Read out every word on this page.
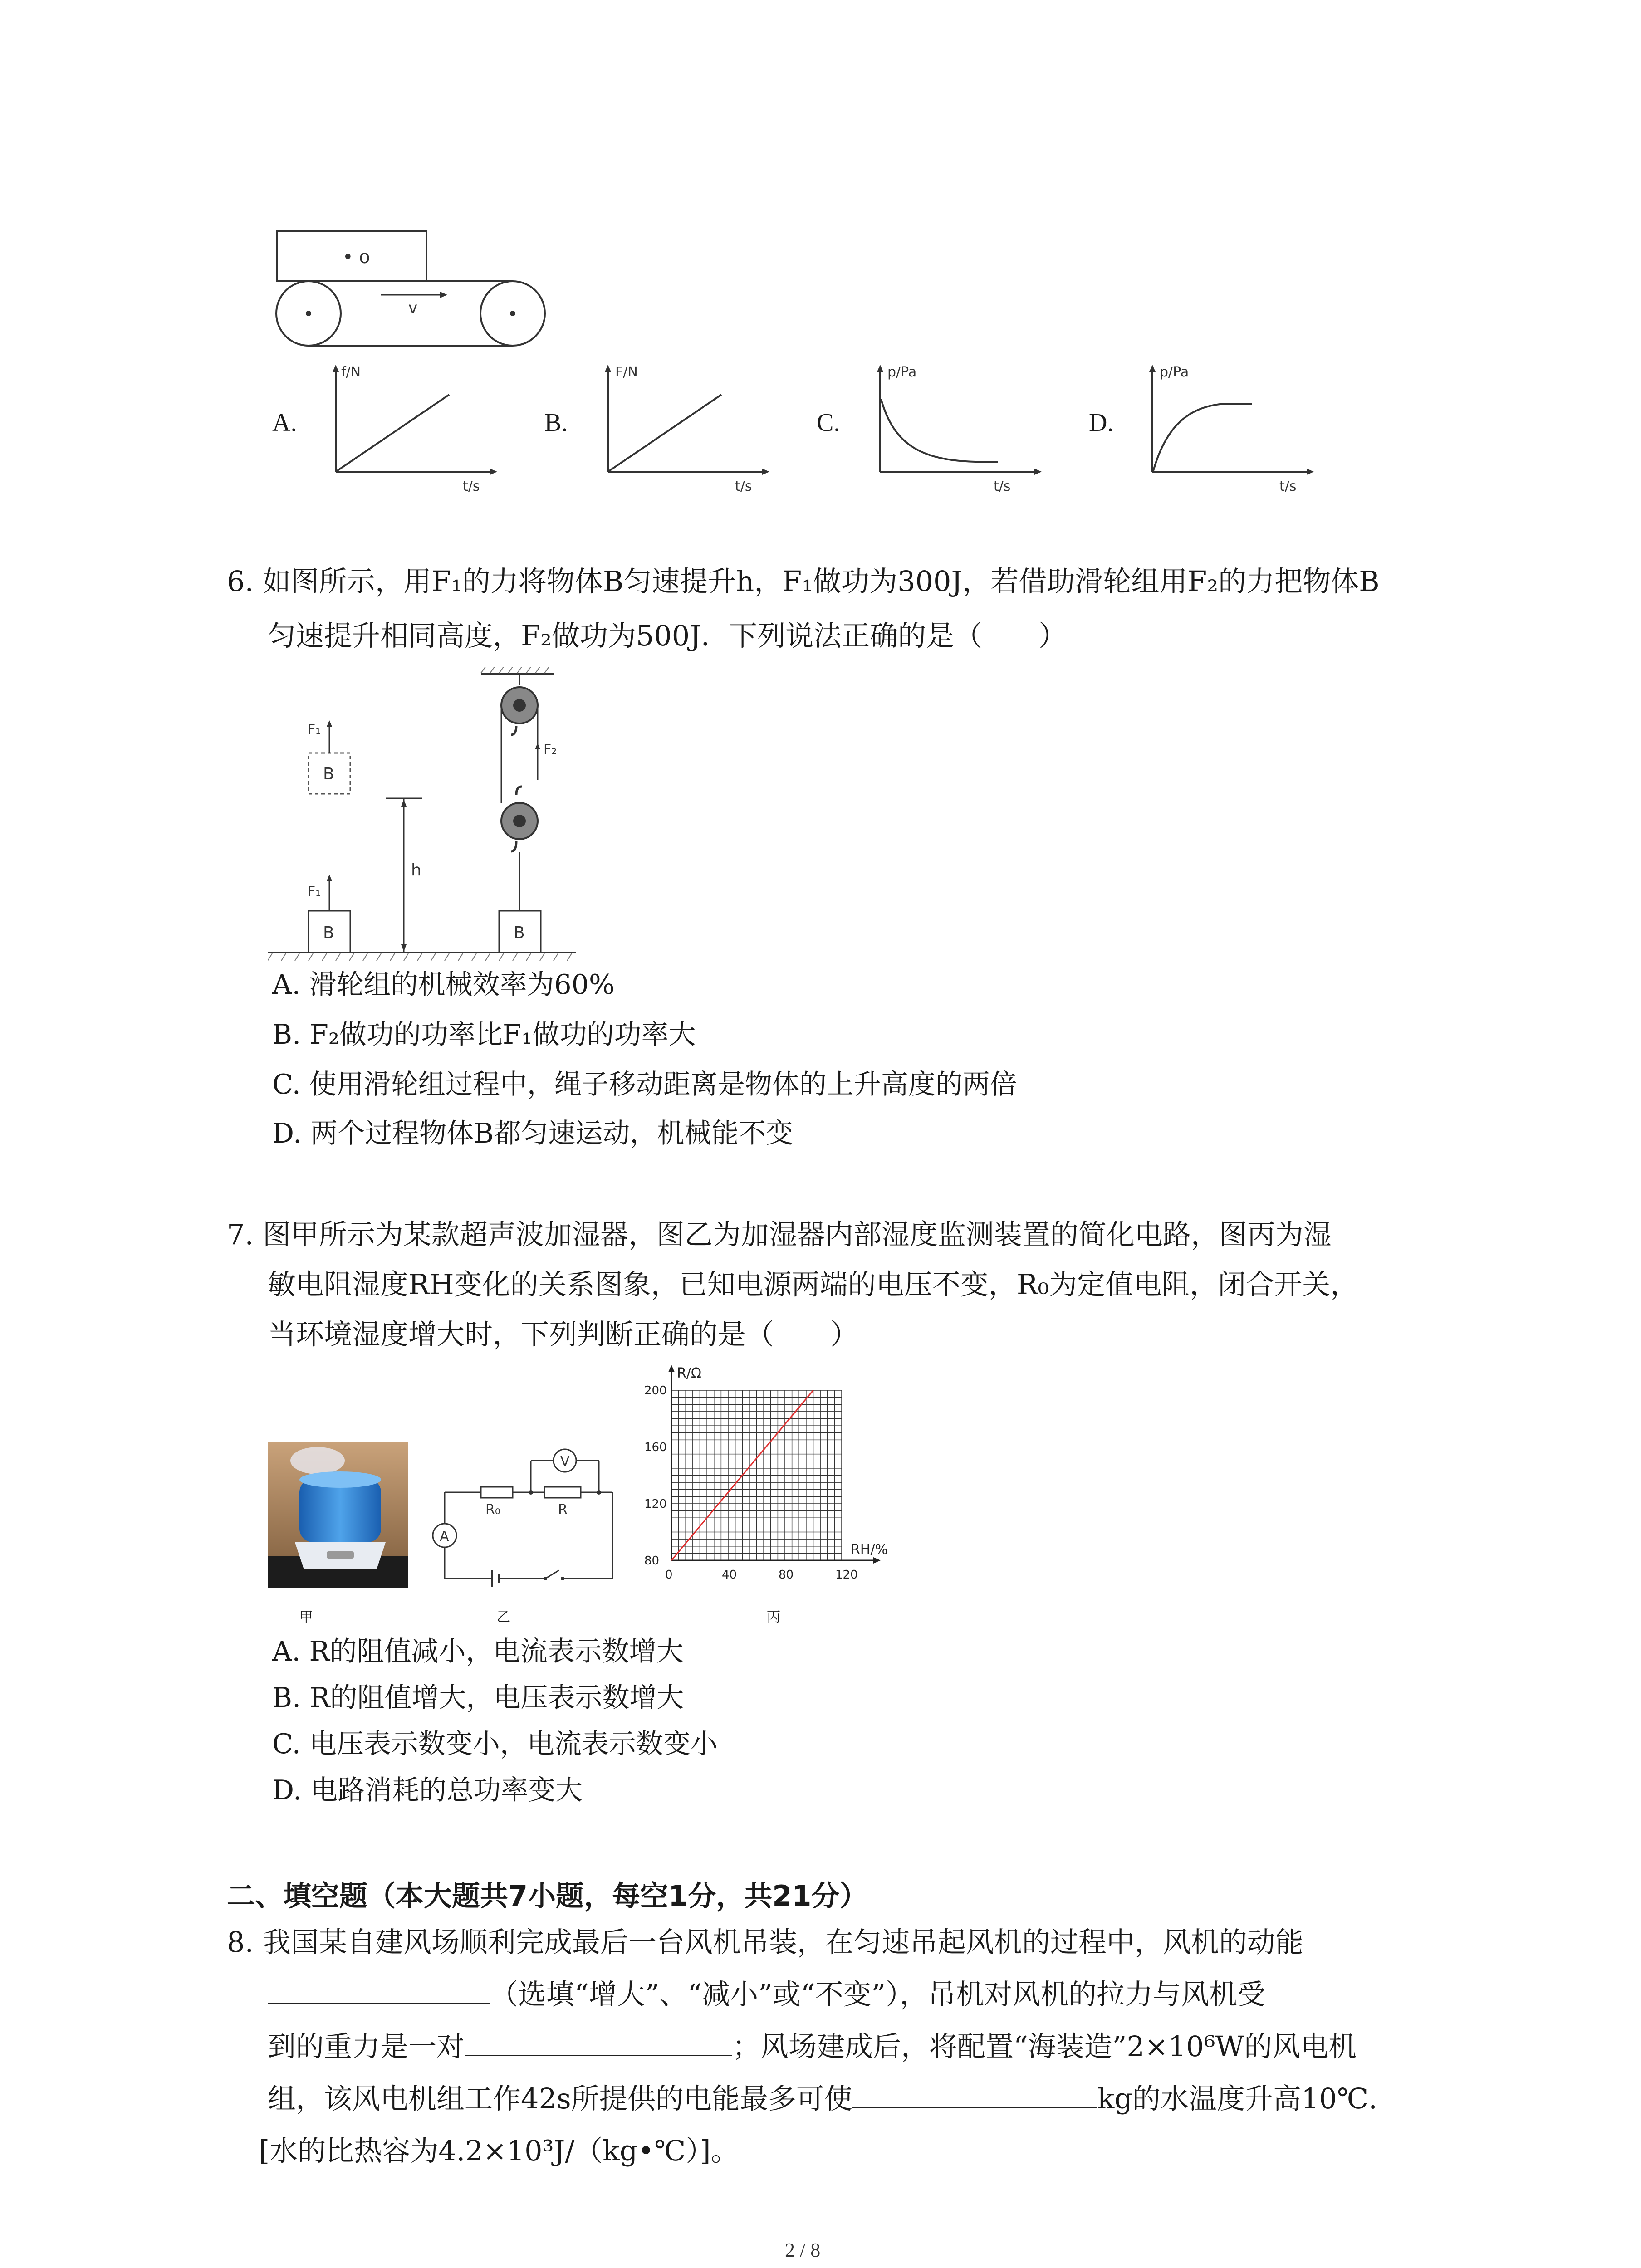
• o
v
A.
f/N
t/s
B.
F/N
t/s
C.
p/Pa
t/s
D.
p/Pa
t/s
6. 如图所示，用F₁的力将物体B匀速提升h，F₁做功为300J，若借助滑轮组用F₂的力把物体B
匀速提升相同高度，F₂做功为500J．下列说法正确的是（　　）
B
F₁
B
F₁
h
F₂
B
A. 滑轮组的机械效率为60%
B. F₂做功的功率比F₁做功的功率大
C. 使用滑轮组过程中，绳子移动距离是物体的上升高度的两倍
D. 两个过程物体B都匀速运动，机械能不变
7. 图甲所示为某款超声波加湿器，图乙为加湿器内部湿度监测装置的简化电路，图丙为湿
敏电阻湿度RH变化的关系图象，已知电源两端的电压不变，R₀为定值电阻，闭合开关，
当环境湿度增大时，下列判断正确的是（　　）
R₀	R
V
A
0	40	80	120
80
120
160
200
RH/%
R/Ω
甲	乙	丙
A. R的阻值减小，电流表示数增大
B. R的阻值增大，电压表示数增大
C. 电压表示数变小，电流表示数变小
D. 电路消耗的总功率变大
二、填空题（本大题共7小题，每空1分，共21分）
8. 我国某自建风场顺利完成最后一台风机吊装，在匀速吊起风机的过程中，风机的动能
（选填“增大”、“减小”或“不变”），吊机对风机的拉力与风机受
到的重力是一对	；风场建成后，将配置“海装造”2×10⁶W的风电机
组，该风电机组工作42s所提供的电能最多可使	kg的水温度升高10℃.
[水的比热容为4.2×10³J/（kg•℃）]。
2 / 8
